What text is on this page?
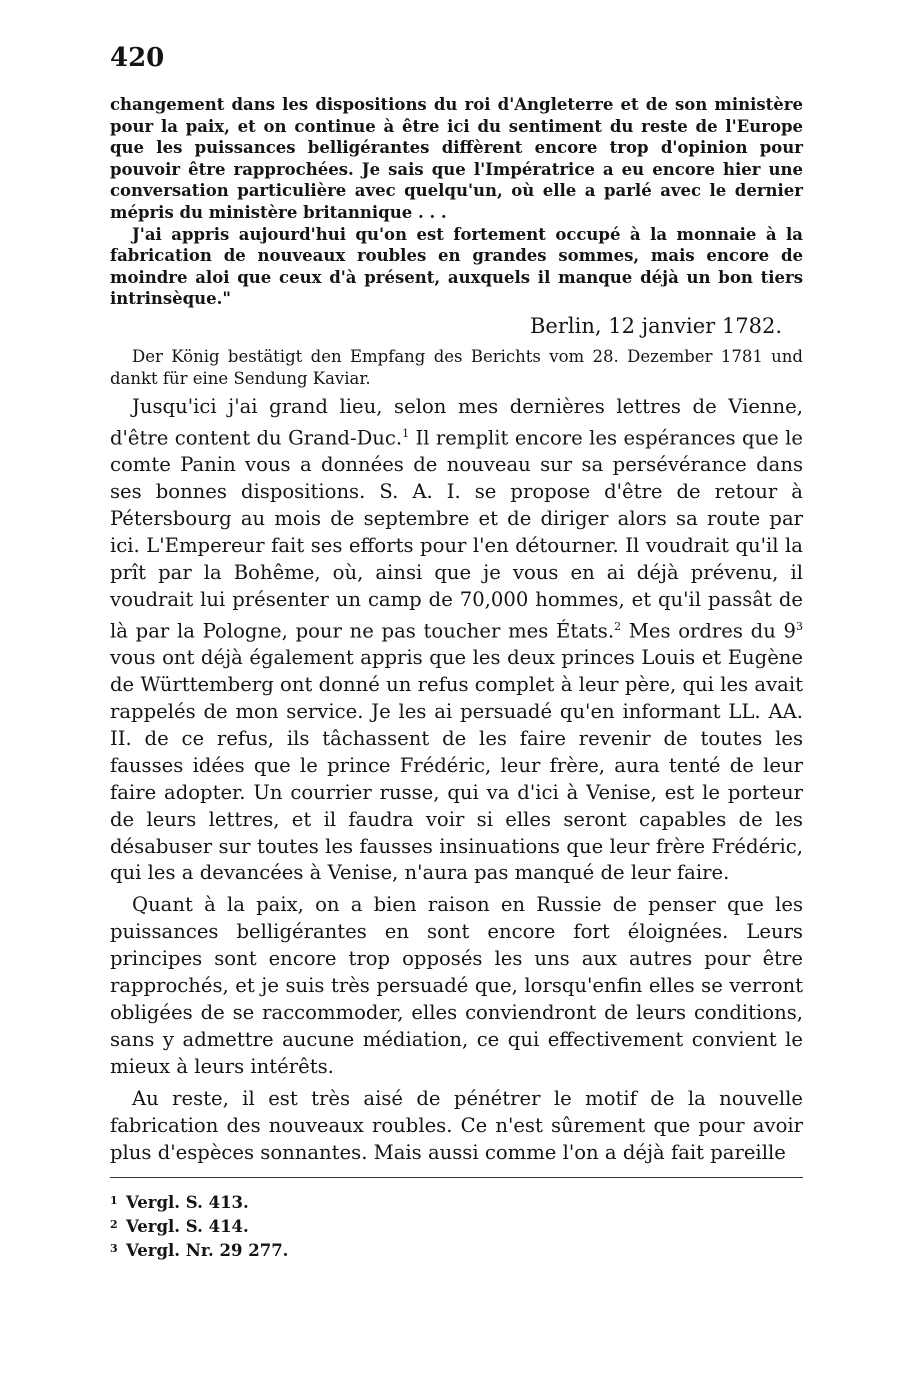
420

changement dans les dispositions du roi d'Angleterre et de son ministère pour la paix, et on continue à être ici du sentiment du reste de l'Europe que les puissances belligérantes diffèrent encore trop d'opinion pour pouvoir être rapprochées. Je sais que l'Impératrice a eu encore hier une conversation particulière avec quelqu'un, où elle a parlé avec le dernier mépris du ministère britannique . . .

J'ai appris aujourd'hui qu'on est fortement occupé à la monnaie à la fabrication de nouveaux roubles en grandes sommes, mais encore de moindre aloi que ceux d'à présent, auxquels il manque déjà un bon tiers intrinsèque."

Berlin, 12 janvier 1782.

Der König bestätigt den Empfang des Berichts vom 28. Dezember 1781 und dankt für eine Sendung Kaviar.

Jusqu'ici j'ai grand lieu, selon mes dernières lettres de Vienne, d'être content du Grand-Duc.$^1$ Il remplit encore les espérances que le comte Panin vous a données de nouveau sur sa persévérance dans ses bonnes dispositions. S. A. I. se propose d'être de retour à Pétersbourg au mois de septembre et de diriger alors sa route par ici. L'Empereur fait ses efforts pour l'en détourner. Il voudrait qu'il la prît par la Bohême, où, ainsi que je vous en ai déjà prévenu, il voudrait lui présenter un camp de 70,000 hommes, et qu'il passât de là par la Pologne, pour ne pas toucher mes États.$^2$ Mes ordres du $9^3$ vous ont déjà également appris que les deux princes Louis et Eugène de Württemberg ont donné un refus complet à leur père, qui les avait rappelés de mon service. Je les ai persuadé qu'en informant LL. AA. II. de ce refus, ils tâchassent de les faire revenir de toutes les fausses idées que le prince Frédéric, leur frère, aura tenté de leur faire adopter. Un courrier russe, qui va d'ici à Venise, est le porteur de leurs lettres, et il faudra voir si elles seront capables de les désabuser sur toutes les fausses insinuations que leur frère Frédéric, qui les a devancées à Venise, n'aura pas manqué de leur faire.

Quant à la paix, on a bien raison en Russie de penser que les puissances belligérantes en sont encore fort éloignées. Leurs principes sont encore trop opposés les uns aux autres pour être rapprochés, et je suis très persuadé que, lorsqu'enfin elles se verront obligées de se raccommoder, elles conviendront de leurs conditions, sans y admettre aucune médiation, ce qui effectivement convient le mieux à leurs intérêts.

Au reste, il est très aisé de pénétrer le motif de la nouvelle fabrication des nouveaux roubles. Ce n'est sûrement que pour avoir plus d'espèces sonnantes. Mais aussi comme l'on a déjà fait pareille

1 Vergl. S. 413.
2 Vergl. S. 414.
3 Vergl. Nr. 29 277.
